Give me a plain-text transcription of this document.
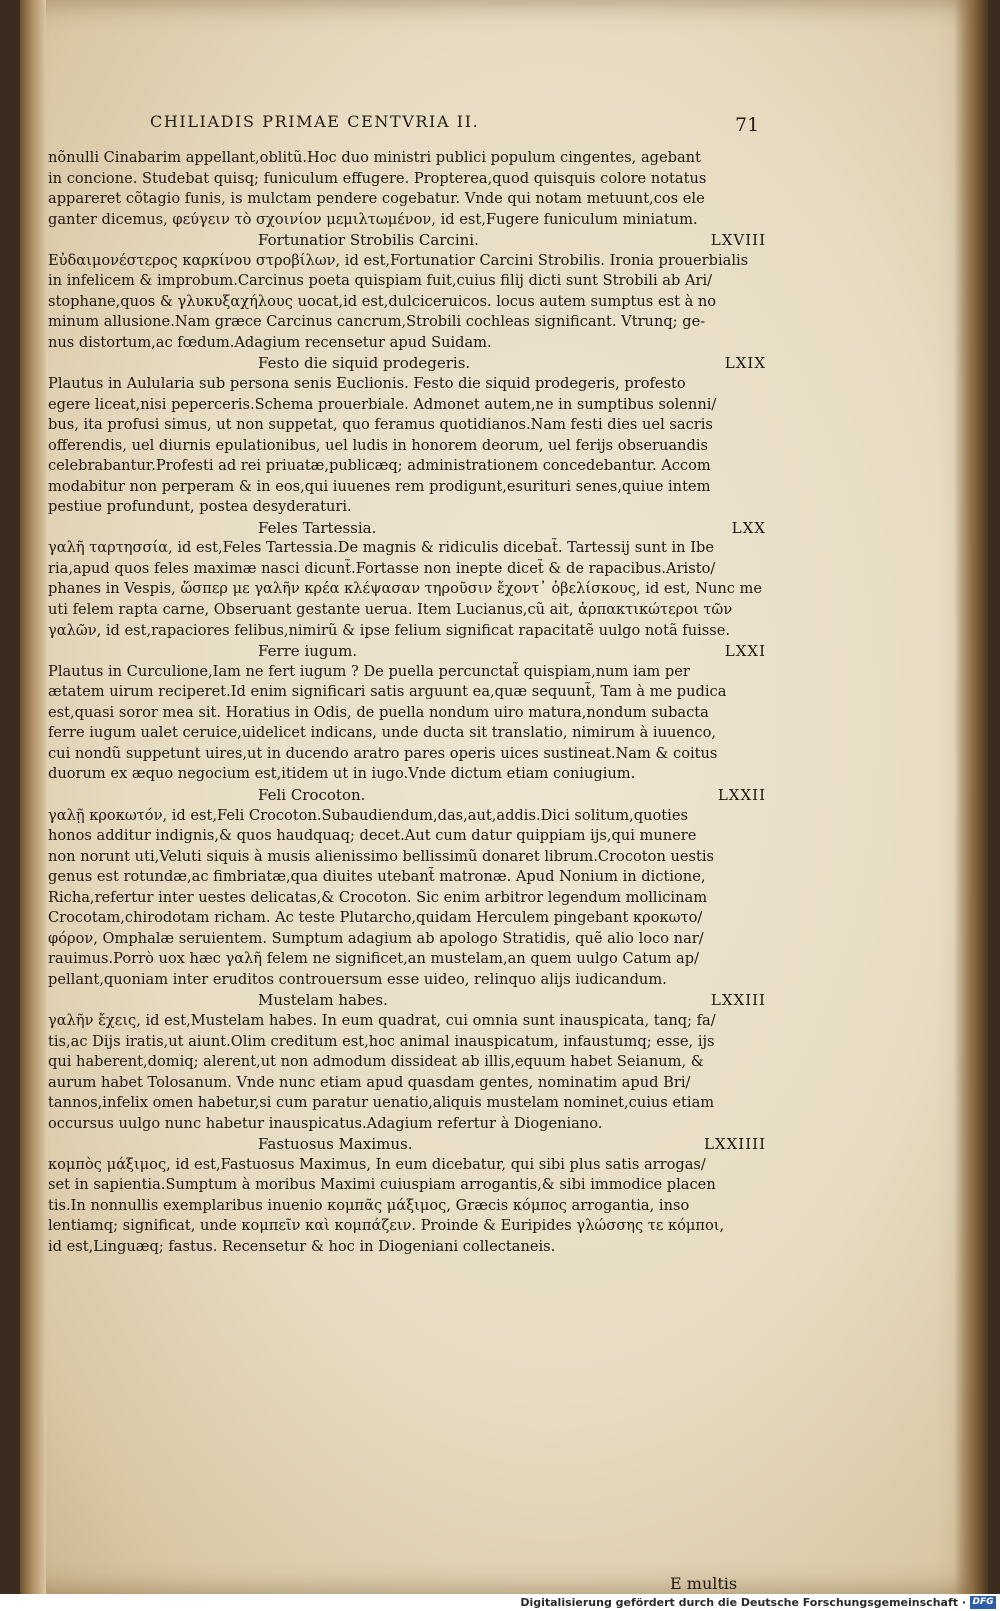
CHILIADIS PRIMAE CENTVRIA II.	71
nõnulli Cinabarim appellant,oblitũ.Hoc duo ministri publici populum cingentes, agebant
in concione. Studebat quisq; funiculum effugere. Propterea,quod quisquis colore notatus
appareret cõtagio funis, is mulctam pendere cogebatur. Vnde qui notam metuunt,cos ele
ganter dicemus, φεύγειν τὸ σχοινίον μεμιλτωμένον, id est,Fugere funiculum miniatum.
Fortunatior Strobilis Carcini.	LXVIII
Εὐδαιμονέστερος καρκίνου στροβίλων, id est,Fortunatior Carcini Strobilis. Ironia prouerbialis
in infelicem & improbum.Carcinus poeta quispiam fuit,cuius filij dicti sunt Strobili ab Ari/
stophane,quos & γλυκυξαχήλους uocat,id est,dulciceruicos. locus autem sumptus est à no
minum allusione.Nam græce Carcinus cancrum,Strobili cochleas significant. Vtrunq; ge-
nus distortum,ac fœdum.Adagium recensetur apud Suidam.
Festo die siquid prodegeris.	LXIX
Plautus in Aulularia sub persona senis Euclionis. Festo die siquid prodegeris, profesto
egere liceat,nisi peperceris.Schema prouerbiale. Admonet autem,ne in sumptibus solenni/
bus, ita profusi simus, ut non suppetat, quo feramus quotidianos.Nam festi dies uel sacris
offerendis, uel diurnis epulationibus, uel ludis in honorem deorum, uel ferijs obseruandis
celebrabantur.Profesti ad rei priuatæ,publicæq; administrationem concedebantur. Accom
modabitur non perperam & in eos,qui iuuenes rem prodigunt,esurituri senes,quiue intem
pestiue profundunt, postea desyderaturi.
Feles Tartessia.	LXX
γαλῆ ταρτησσία, id est,Feles Tartessia.De magnis & ridiculis dicebat̃. Tartessij sunt in Ibe
ria,apud quos feles maximæ nasci dicunt̃.Fortasse non inepte dicet̃ & de rapacibus.Aristo/
phanes in Vespis, ὥσπερ με γαλῆν κρέα κλέψασαν τηροῦσιν ἔχοντ᾽ ὀβελίσκους, id est, Nunc me
uti felem rapta carne, Obseruant gestante uerua. Item Lucianus,cũ ait, ἀρπακτικώτεροι τῶν
γαλῶν, id est,rapaciores felibus,nimirũ & ipse felium significat rapacitatẽ uulgo notã fuisse.
Ferre iugum.	LXXI
Plautus in Curculione,Iam ne fert iugum ? De puella percunctat̃ quispiam,num iam per
ætatem uirum reciperet.Id enim significari satis arguunt ea,quæ sequunt̃, Tam à me pudica
est,quasi soror mea sit. Horatius in Odis, de puella nondum uiro matura,nondum subacta
ferre iugum ualet ceruice,uidelicet indicans, unde ducta sit translatio, nimirum à iuuenco,
cui nondũ suppetunt uires,ut in ducendo aratro pares operis uices sustineat.Nam & coitus
duorum ex æquo negocium est,itidem ut in iugo.Vnde dictum etiam coniugium.
Feli Crocoton.	LXXII
γαλῇ κροκωτόν, id est,Feli Crocoton.Subaudiendum,das,aut,addis.Dici solitum,quoties
honos additur indignis,& quos haudquaq; decet.Aut cum datur quippiam ijs,qui munere
non norunt uti,Veluti siquis à musis alienissimo bellissimũ donaret librum.Crocoton uestis
genus est rotundæ,ac fimbriatæ,qua diuites utebant̃ matronæ. Apud Nonium in dictione,
Richa,refertur inter uestes delicatas,& Crocoton. Sic enim arbitror legendum mollicinam
Crocotam,chirodotam richam. Ac teste Plutarcho,quidam Herculem pingebant κροκωτο/
φόρον, Omphalæ seruientem. Sumptum adagium ab apologo Stratidis, quẽ alio loco nar/
rauimus.Porrò uox hæc γαλῆ felem ne significet,an mustelam,an quem uulgo Catum ap/
pellant,quoniam inter eruditos controuersum esse uideo, relinquo alijs iudicandum.
Mustelam habes.	LXXIII
γαλῆν ἔχεις, id est,Mustelam habes. In eum quadrat, cui omnia sunt inauspicata, tanq; fa/
tis,ac Dijs iratis,ut aiunt.Olim creditum est,hoc animal inauspicatum, infaustumq; esse, ijs
qui haberent,domiq; alerent,ut non admodum dissideat ab illis,equum habet Seianum, &
aurum habet Tolosanum. Vnde nunc etiam apud quasdam gentes, nominatim apud Bri/
tannos,infelix omen habetur,si cum paratur uenatio,aliquis mustelam nominet,cuius etiam
occursus uulgo nunc habetur inauspicatus.Adagium refertur à Diogeniano.
Fastuosus Maximus.	LXXIIII
κομπὸς μάξιμος, id est,Fastuosus Maximus, In eum dicebatur, qui sibi plus satis arrogas/
set in sapientia.Sumptum à moribus Maximi cuiuspiam arrogantis,& sibi immodice placen
tis.In nonnullis exemplaribus inuenio κομπᾶς μάξιμος, Græcis κόμπος arrogantia, inso
lentiamq; significat, unde κομπεῖν καὶ κομπάζειν. Proinde & Euripides γλώσσης τε κόμποι,
id est,Linguæq; fastus. Recensetur & hoc in Diogeniani collectaneis.
E multis
Digitalisierung gefördert durch die Deutsche Forschungsgemeinschaft · DFG
